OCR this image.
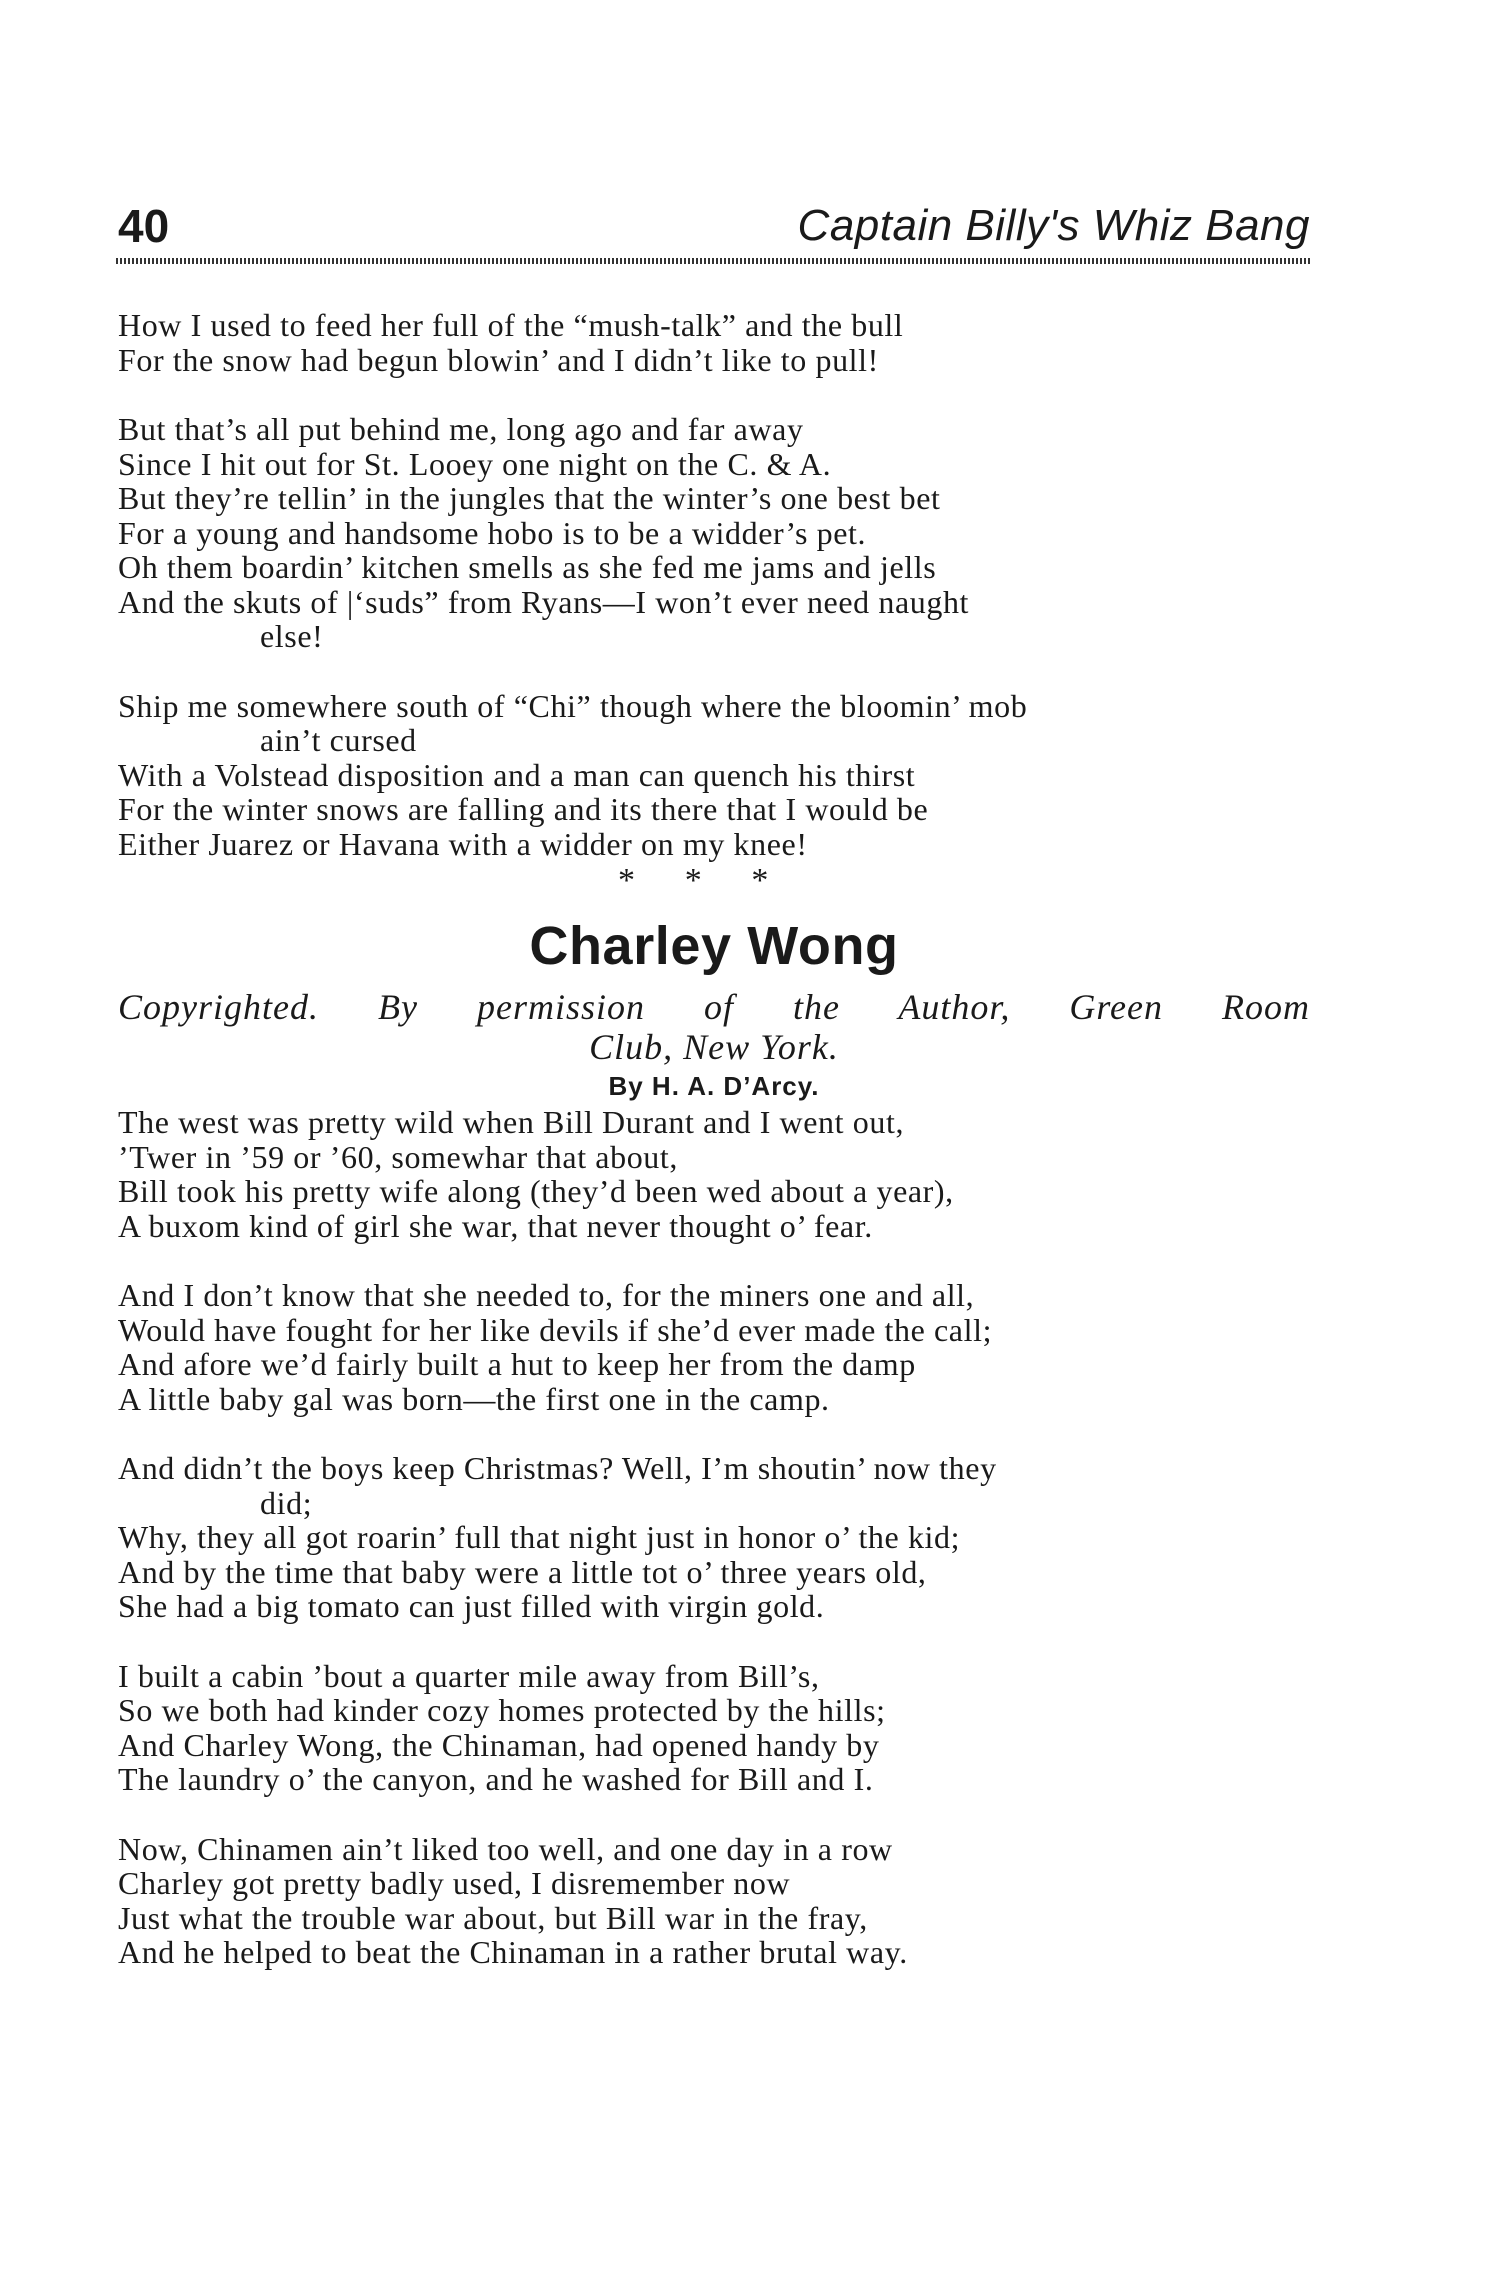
40	Captain Billy's Whiz Bang
How I used to feed her full of the “mush-talk” and the bull
For the snow had begun blowin’ and I didn’t like to pull!
But that’s all put behind me, long ago and far away
Since I hit out for St. Looey one night on the C. & A.
But they’re tellin’ in the jungles that the winter’s one best bet
For a young and handsome hobo is to be a widder’s pet.
Oh them boardin’ kitchen smells as she fed me jams and jells
And the skuts of |‘suds” from Ryans—I won’t ever need naught
else!
Ship me somewhere south of “Chi” though where the bloomin’ mob
ain’t cursed
With a Volstead disposition and a man can quench his thirst
For the winter snows are falling and its there that I would be
Either Juarez or Havana with a widder on my knee!
* * *
Charley Wong
Copyrighted. By permission of the Author, Green Room
Club, New York.
By H. A. D’Arcy.
The west was pretty wild when Bill Durant and I went out,
’Twer in ’59 or ’60, somewhar that about,
Bill took his pretty wife along (they’d been wed about a year),
A buxom kind of girl she war, that never thought o’ fear.
And I don’t know that she needed to, for the miners one and all,
Would have fought for her like devils if she’d ever made the call;
And afore we’d fairly built a hut to keep her from the damp
A little baby gal was born—the first one in the camp.
And didn’t the boys keep Christmas? Well, I’m shoutin’ now they
did;
Why, they all got roarin’ full that night just in honor o’ the kid;
And by the time that baby were a little tot o’ three years old,
She had a big tomato can just filled with virgin gold.
I built a cabin ’bout a quarter mile away from Bill’s,
So we both had kinder cozy homes protected by the hills;
And Charley Wong, the Chinaman, had opened handy by
The laundry o’ the canyon, and he washed for Bill and I.
Now, Chinamen ain’t liked too well, and one day in a row
Charley got pretty badly used, I disremember now
Just what the trouble war about, but Bill war in the fray,
And he helped to beat the Chinaman in a rather brutal way.
